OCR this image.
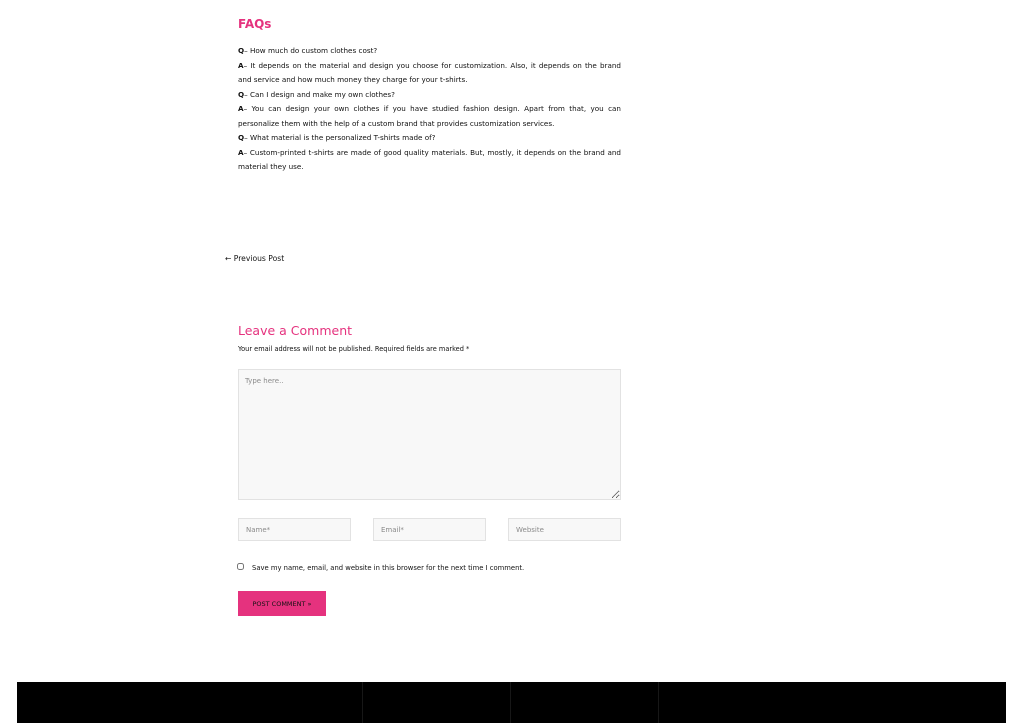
FAQs

Q– How much do custom clothes cost?

A– It depends on the material and design you choose for customization. Also, it depends on the brand and service and how much money they charge for your t-shirts.

Q– Can I design and make my own clothes?

A– You can design your own clothes if you have studied fashion design. Apart from that, you can personalize them with the help of a custom brand that provides customization services.

Q– What material is the personalized T-shirts made of?

A– Custom-printed t-shirts are made of good quality materials. But, mostly, it depends on the brand and material they use.

← Previous Post
Leave a Comment

Your email address will not be published. Required fields are marked *

Type here..
Name*
Email*
Website
Save my name, email, and website in this browser for the next time I comment.
POST COMMENT »
